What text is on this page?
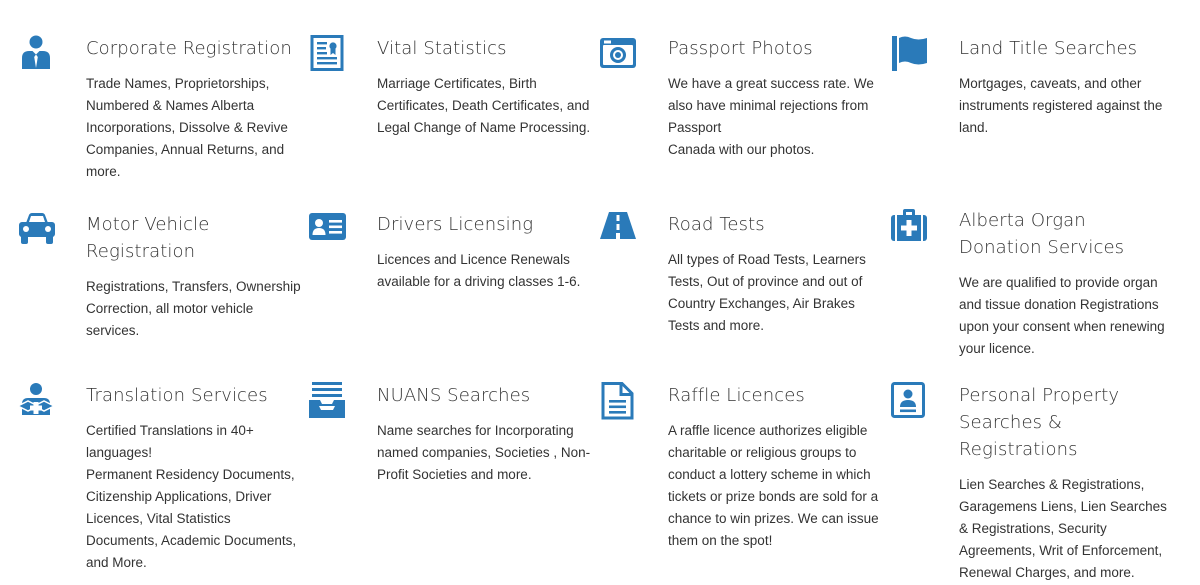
Corporate Registration

Trade Names, Proprietorships, Numbered & Names Alberta Incorporations, Dissolve & Revive Companies, Annual Returns, and more.

Vital Statistics

Marriage Certificates, Birth Certificates, Death Certificates, and Legal Change of Name Processing.

Passport Photos

We have a great success rate. We also have minimal rejections from Passport
Canada with our photos.

Land Title Searches

Mortgages, caveats, and other instruments registered against the land.

Motor Vehicle Registration

Registrations, Transfers, Ownership Correction, all motor vehicle services.

Drivers Licensing

Licences and Licence Renewals available for a driving classes 1-6.

Road Tests

All types of Road Tests, Learners Tests, Out of province and out of Country Exchanges, Air Brakes Tests and more.

Alberta Organ Donation Services

We are qualified to provide organ and tissue donation Registrations upon your consent when renewing your licence.

Translation Services

Certified Translations in 40+ languages!
Permanent Residency Documents, Citizenship Applications, Driver Licences, Vital Statistics Documents, Academic Documents, and More.

NUANS Searches

Name searches for Incorporating named companies, Societies , Non-Profit Societies and more.

Raffle Licences

A raffle licence authorizes eligible charitable or religious groups to conduct a lottery scheme in which tickets or prize bonds are sold for a chance to win prizes. We can issue them on the spot!

Personal Property Searches & Registrations

Lien Searches & Registrations, Garagemens Liens, Lien Searches & Registrations, Security Agreements, Writ of Enforcement, Renewal Charges, and more.
